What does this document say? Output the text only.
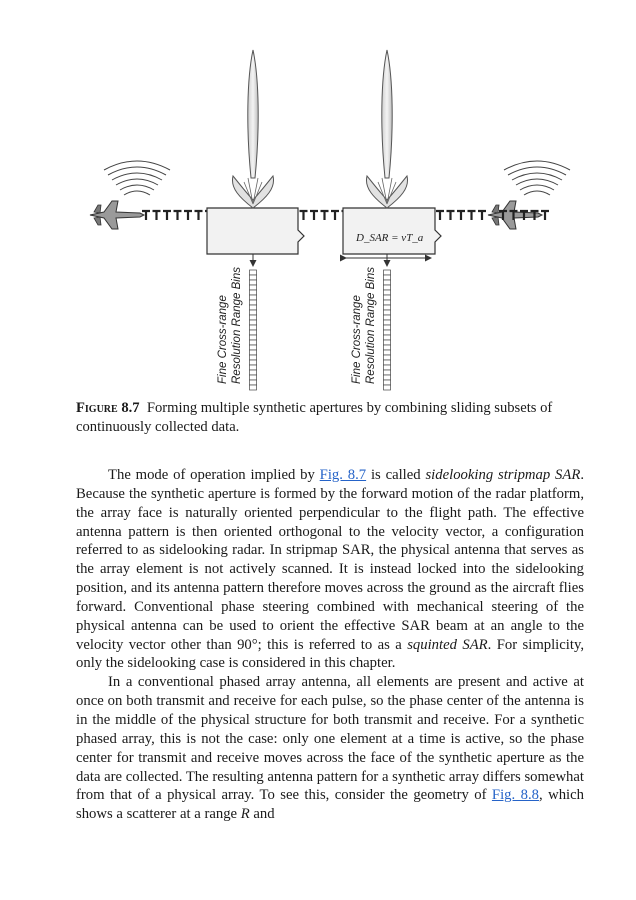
D_SAR = vT_a
Fine Cross-range Resolution Range Bins	Fine Cross-range Resolution Range Bins
Figure 8.7 Forming multiple synthetic apertures by combining sliding subsets of continuously collected data.

The mode of operation implied by Fig. 8.7 is called sidelooking stripmap SAR. Because the synthetic aperture is formed by the forward motion of the radar platform, the array face is naturally oriented perpendicular to the flight path. The effective antenna pattern is then oriented orthogonal to the velocity vector, a configuration referred to as sidelooking radar. In stripmap SAR, the physical antenna that serves as the array element is not actively scanned. It is instead locked into the sidelooking position, and its antenna pattern therefore moves across the ground as the aircraft flies forward. Conventional phase steering combined with mechanical steering of the physical antenna can be used to orient the effective SAR beam at an angle to the velocity vector other than 90°; this is referred to as a squinted SAR. For simplicity, only the sidelooking case is considered in this chapter.

In a conventional phased array antenna, all elements are present and active at once on both transmit and receive for each pulse, so the phase center of the antenna is in the middle of the physical structure for both transmit and receive. For a synthetic phased array, this is not the case: only one element at a time is active, so the phase center for transmit and receive moves across the face of the synthetic aperture as the data are collected. The resulting antenna pattern for a synthetic array differs somewhat from that of a physical array. To see this, consider the geometry of Fig. 8.8, which shows a scatterer at a range R and
